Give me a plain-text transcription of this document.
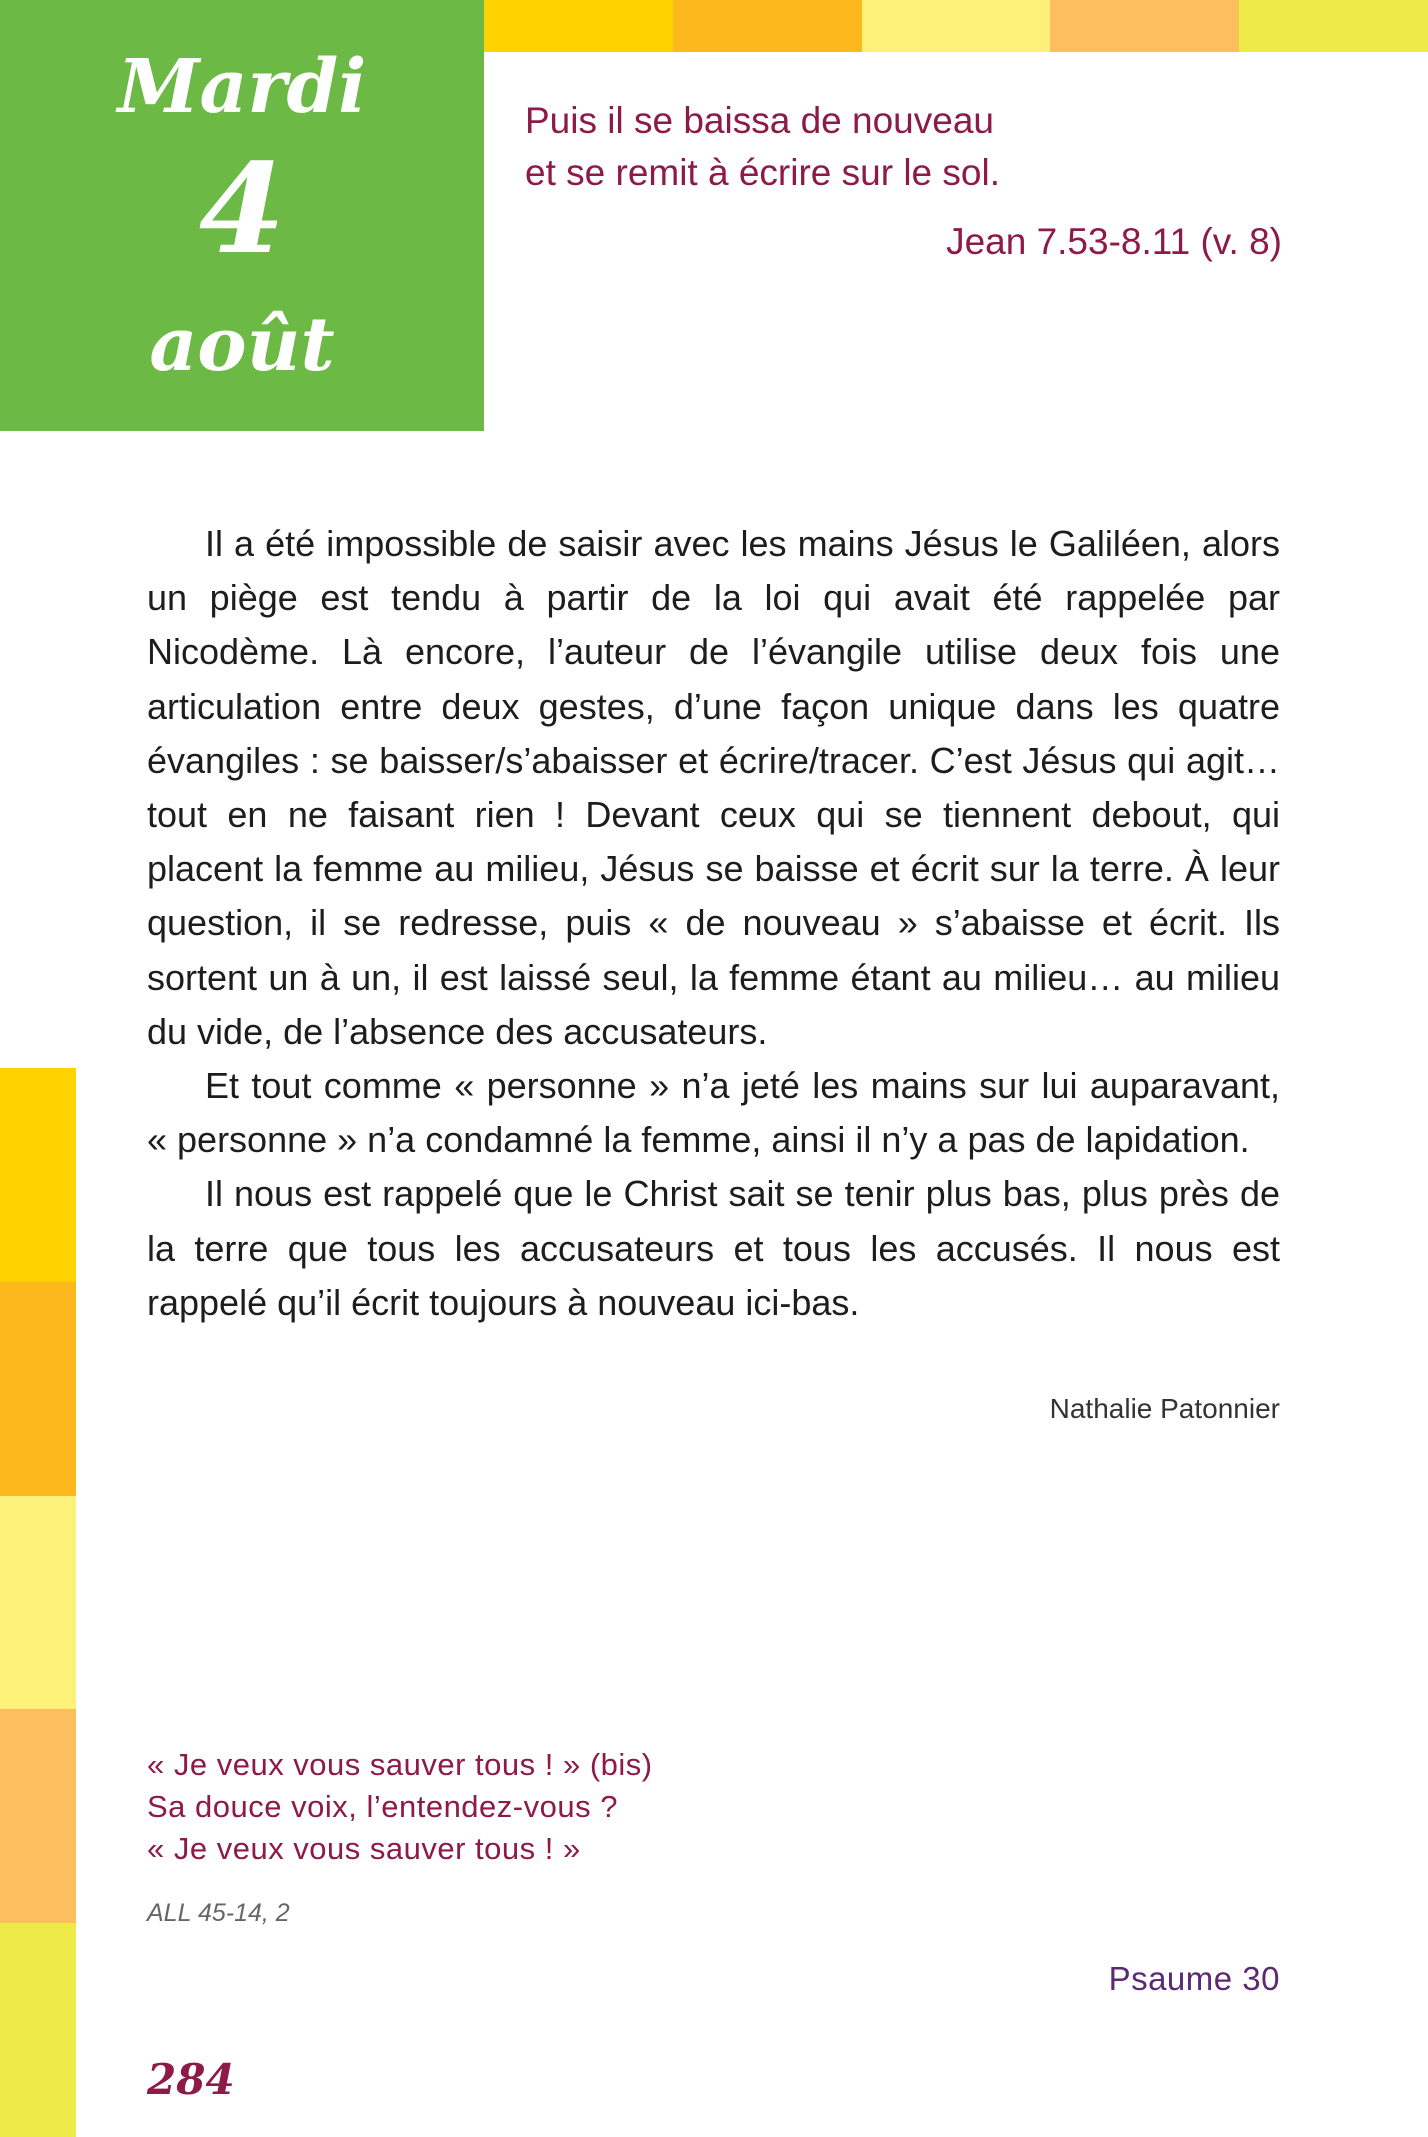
Mardi
4
août
Puis il se baissa de nouveau
et se remit à écrire sur le sol.
Jean 7.53-8.11 (v. 8)

Il a été impossible de saisir avec les mains Jésus le Galiléen, alors un piège est tendu à partir de la loi qui avait été rappelée par Nicodème. Là encore, l’auteur de l’évangile utilise deux fois une articulation entre deux gestes, d’une façon unique dans les quatre évangiles : se baisser/s’abaisser et écrire/tracer. C’est Jésus qui agit… tout en ne faisant rien ! Devant ceux qui se tiennent debout, qui placent la femme au milieu, Jésus se baisse et écrit sur la terre. À leur question, il se redresse, puis « de nouveau » s’abaisse et écrit. Ils sortent un à un, il est laissé seul, la femme étant au milieu… au milieu du vide, de l’absence des accusateurs.

Et tout comme « personne » n’a jeté les mains sur lui auparavant, « personne » n’a condamné la femme, ainsi il n’y a pas de lapidation.

Il nous est rappelé que le Christ sait se tenir plus bas, plus près de la terre que tous les accusateurs et tous les accusés. Il nous est rappelé qu’il écrit toujours à nouveau ici-bas.

Nathalie Patonnier
« Je veux vous sauver tous ! » (bis)
Sa douce voix, l’entendez-vous ?
« Je veux vous sauver tous ! »
ALL 45-14, 2
Psaume 30
284
